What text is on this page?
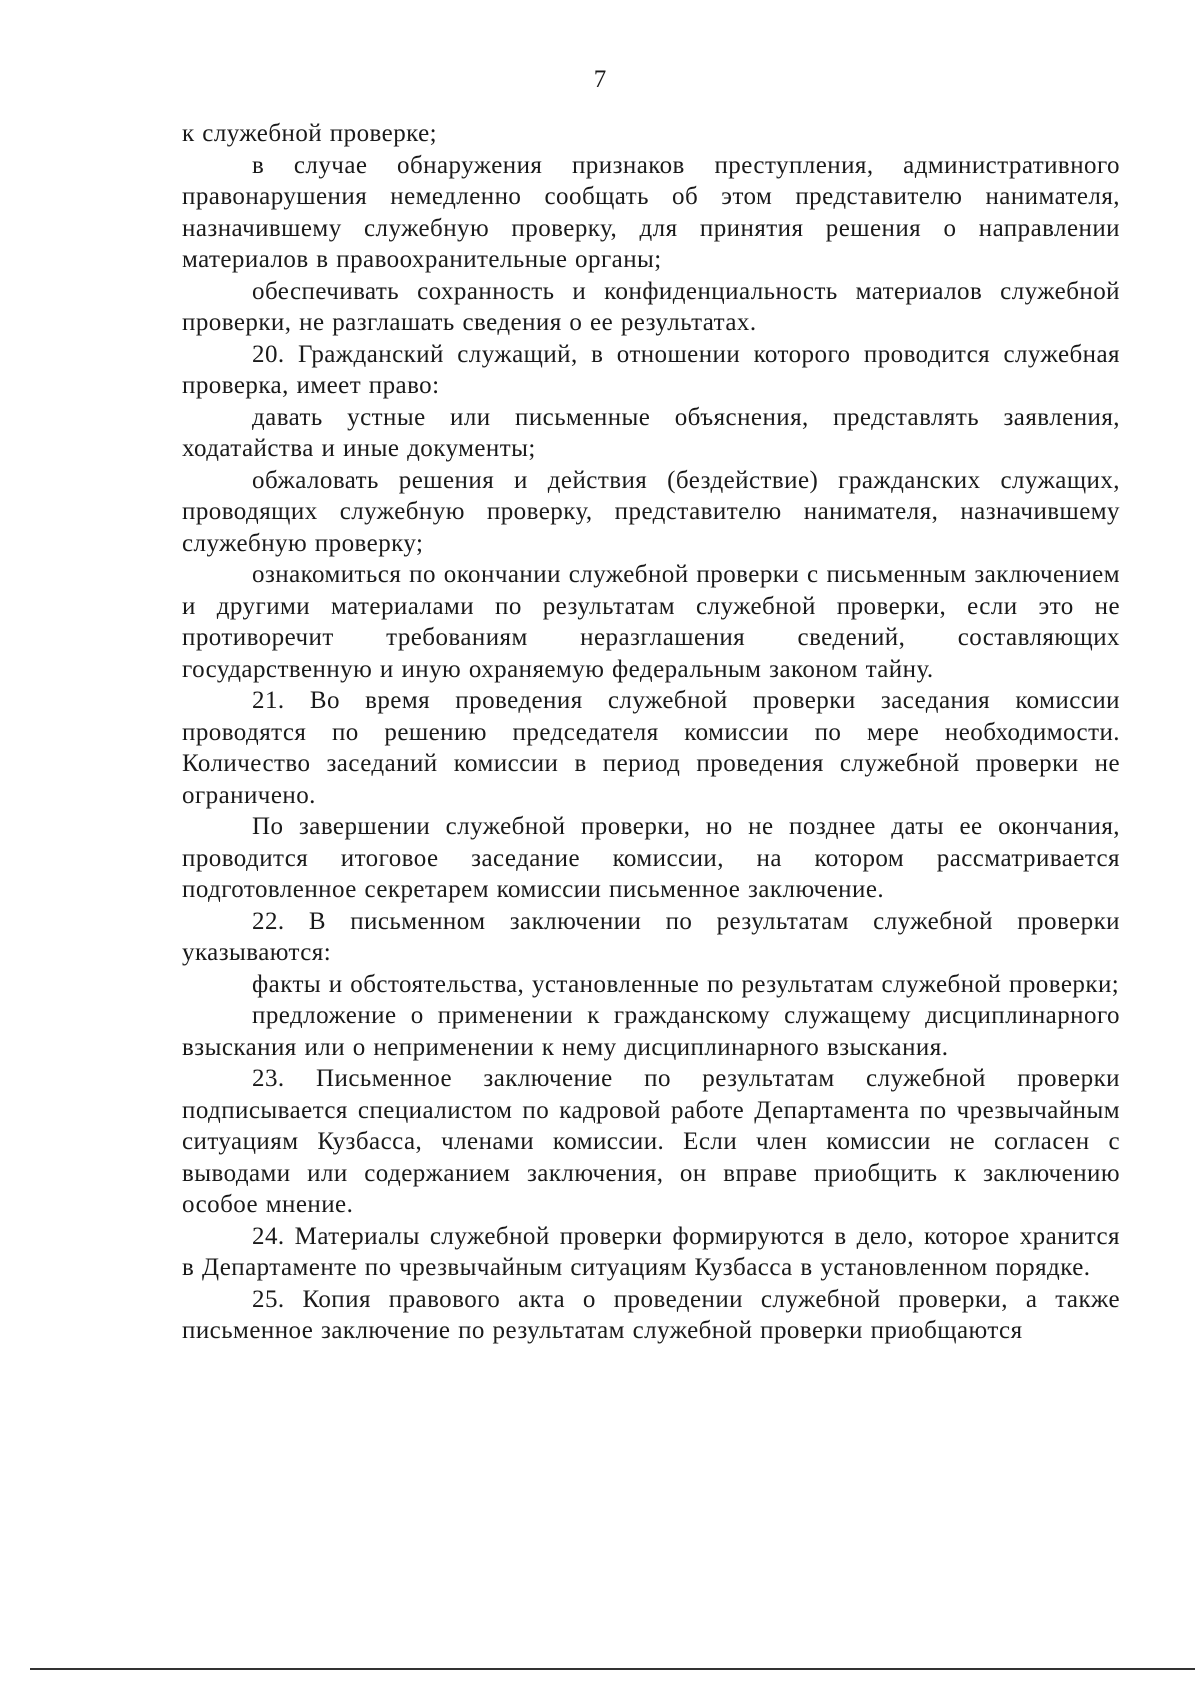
7

к служебной проверке;

в случае обнаружения признаков преступления, административного правонарушения немедленно сообщать об этом представителю нанимателя, назначившему служебную проверку, для принятия решения о направлении материалов в правоохранительные органы;

обеспечивать сохранность и конфиденциальность материалов служебной проверки, не разглашать сведения о ее результатах.

20. Гражданский служащий, в отношении которого проводится служебная проверка, имеет право:

давать устные или письменные объяснения, представлять заявления, ходатайства и иные документы;

обжаловать решения и действия (бездействие) гражданских служащих, проводящих служебную проверку, представителю нанимателя, назначившему служебную проверку;

ознакомиться по окончании служебной проверки с письменным заключением и другими материалами по результатам служебной проверки, если это не противоречит требованиям неразглашения сведений, составляющих государственную и иную охраняемую федеральным законом тайну.

21. Во время проведения служебной проверки заседания комиссии проводятся по решению председателя комиссии по мере необходимости. Количество заседаний комиссии в период проведения служебной проверки не ограничено.

По завершении служебной проверки, но не позднее даты ее окончания, проводится итоговое заседание комиссии, на котором рассматривается подготовленное секретарем комиссии письменное заключение.

22. В письменном заключении по результатам служебной проверки указываются:

факты и обстоятельства, установленные по результатам служебной проверки;

предложение о применении к гражданскому служащему дисциплинарного взыскания или о неприменении к нему дисциплинарного взыскания.

23. Письменное заключение по результатам служебной проверки подписывается специалистом по кадровой работе Департамента по чрезвычайным ситуациям Кузбасса, членами комиссии. Если член комиссии не согласен с выводами или содержанием заключения, он вправе приобщить к заключению особое мнение.

24. Материалы служебной проверки формируются в дело, которое хранится в Департаменте по чрезвычайным ситуациям Кузбасса в установленном порядке.

25. Копия правового акта о проведении служебной проверки, а также письменное заключение по результатам служебной проверки приобщаются
